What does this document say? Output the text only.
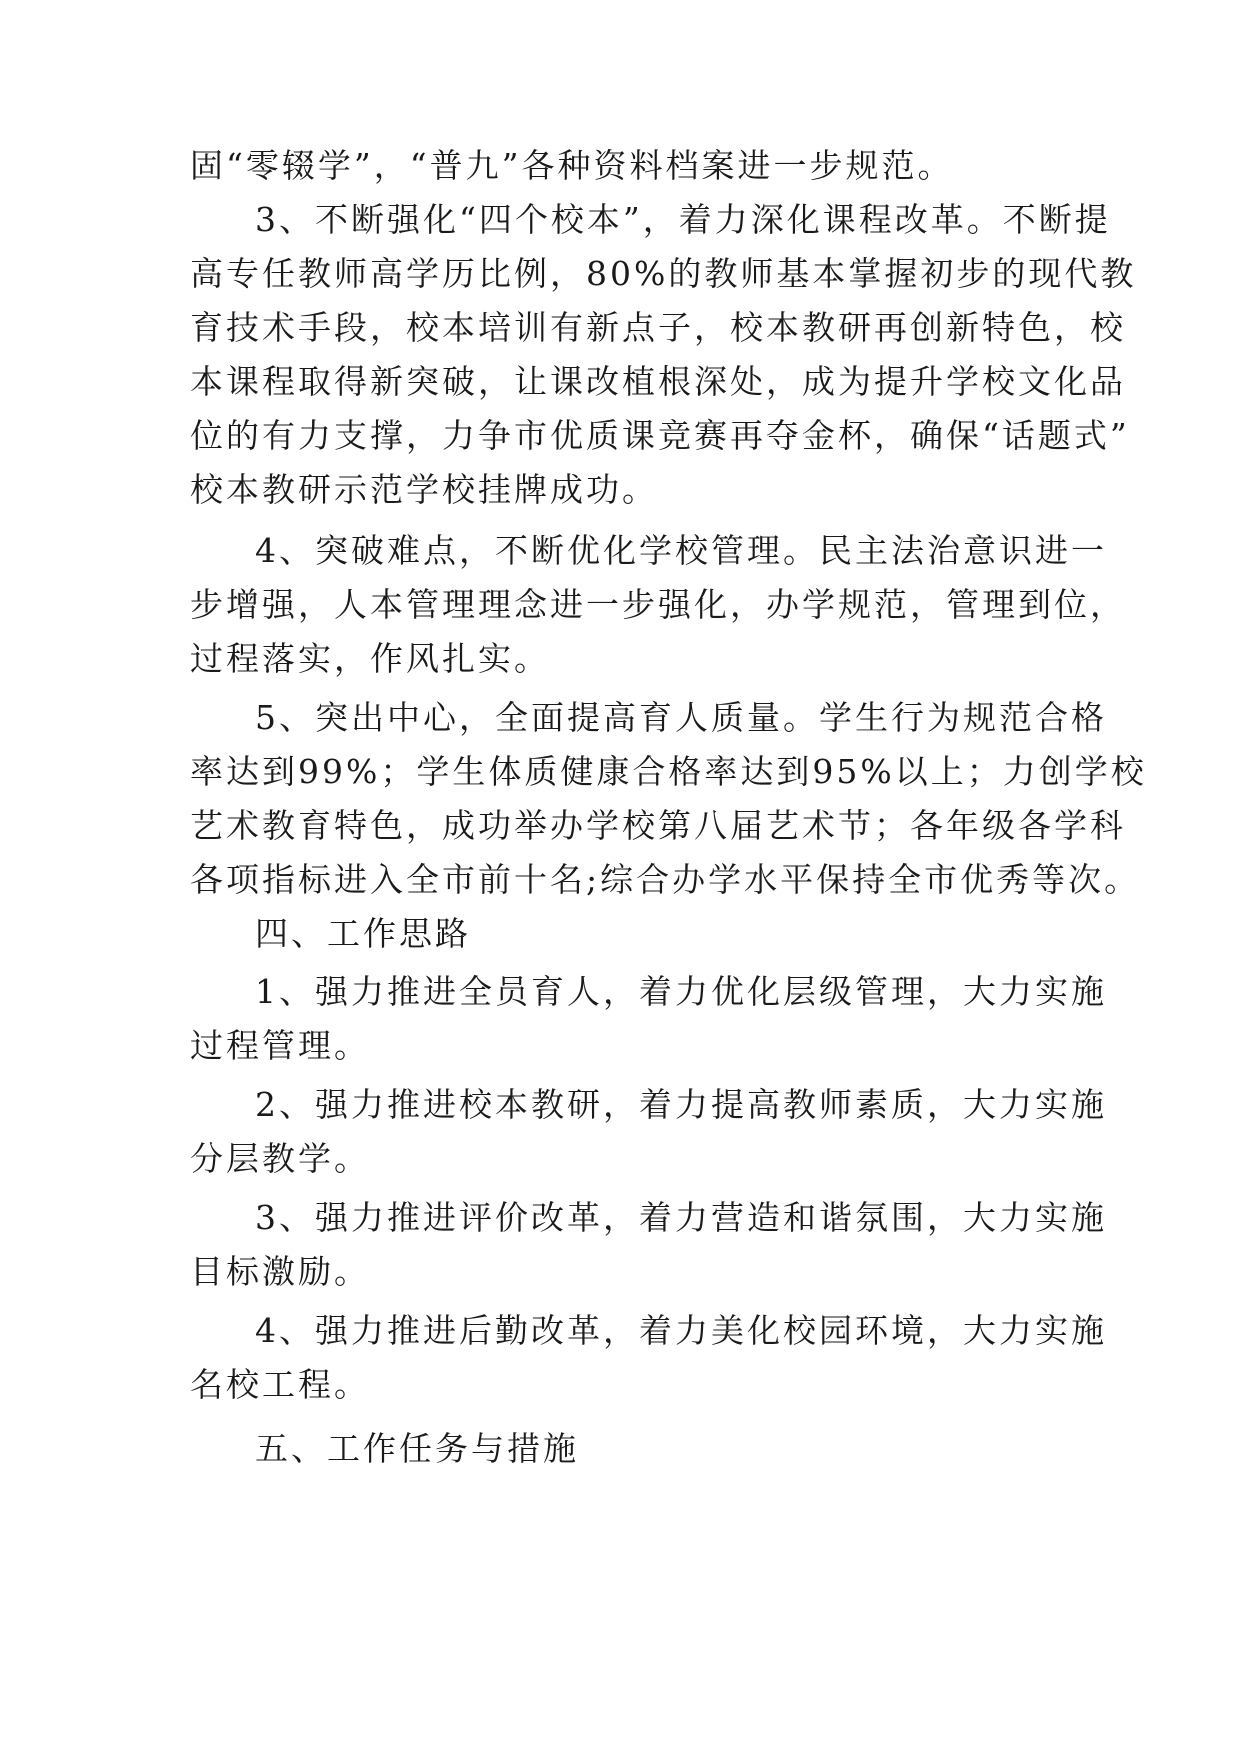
固“零辍学”，“普九”各种资料档案进一步规范。
3、不断强化“四个校本”，着力深化课程改革。不断提
高专任教师高学历比例，80%的教师基本掌握初步的现代教
育技术手段，校本培训有新点子，校本教研再创新特色，校
本课程取得新突破，让课改植根深处，成为提升学校文化品
位的有力支撑，力争市优质课竞赛再夺金杯，确保“话题式”
校本教研示范学校挂牌成功。
4、突破难点，不断优化学校管理。民主法治意识进一
步增强，人本管理理念进一步强化，办学规范，管理到位，
过程落实，作风扎实。
5、突出中心，全面提高育人质量。学生行为规范合格
率达到99%；学生体质健康合格率达到95%以上；力创学校
艺术教育特色，成功举办学校第八届艺术节；各年级各学科
各项指标进入全市前十名;综合办学水平保持全市优秀等次。
四、工作思路
1、强力推进全员育人，着力优化层级管理，大力实施
过程管理。
2、强力推进校本教研，着力提高教师素质，大力实施
分层教学。
3、强力推进评价改革，着力营造和谐氛围，大力实施
目标激励。
4、强力推进后勤改革，着力美化校园环境，大力实施
名校工程。
五、工作任务与措施
